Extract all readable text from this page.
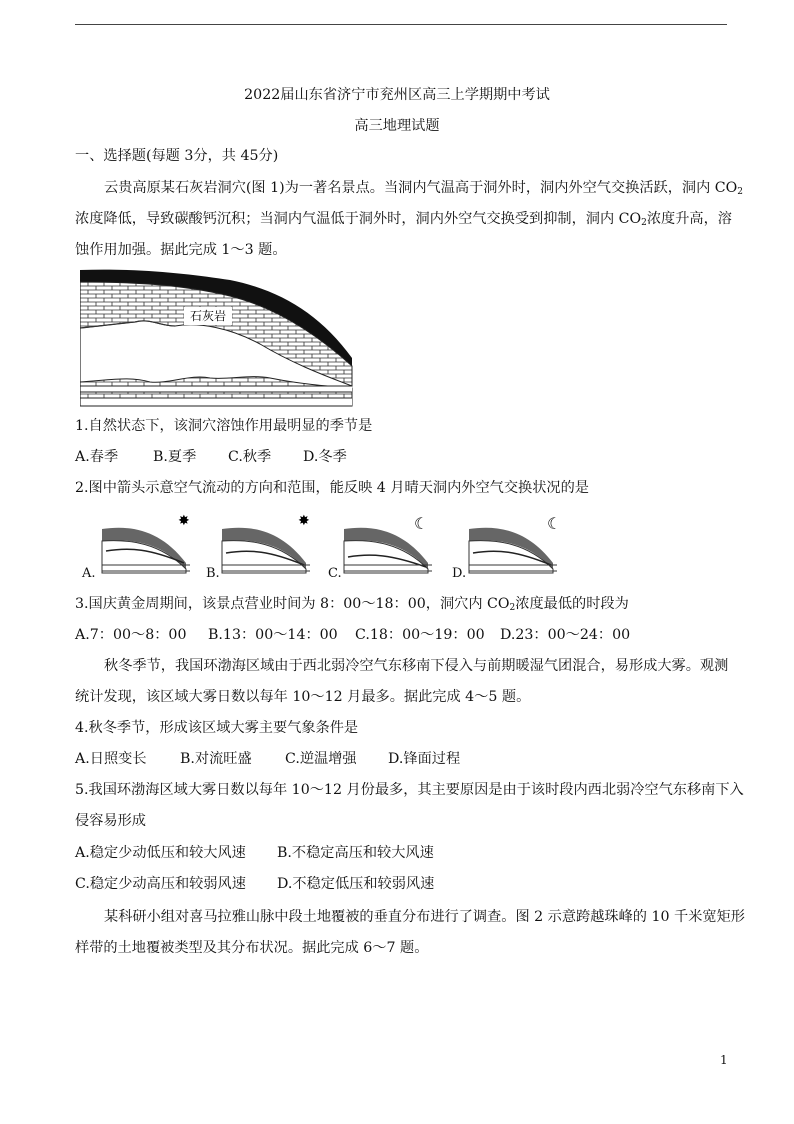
2022届山东省济宁市兖州区高三上学期期中考试
高三地理试题
一、选择题(每题 3分，共 45分)
云贵高原某石灰岩洞穴(图 1)为一著名景点。当洞内气温高于洞外时，洞内外空气交换活跃，洞内 $CO_2$
浓度降低，导致碳酸钙沉积；当洞内气温低于洞外时，洞内外空气交换受到抑制，洞内 $CO_2$浓度升高，溶
蚀作用加强。据此完成 1～3 题。
石灰岩
1.自然状态下，该洞穴溶蚀作用最明显的季节是
A.春季 B.夏季 C.秋季 D.冬季
2.图中箭头示意空气流动的方向和范围，能反映 4 月晴天洞内外空气交换状况的是
✸	✸	☾	☾
A.	B.	C.	D.
3.国庆黄金周期间，该景点营业时间为 8：00～18：00，洞穴内 $CO_2$浓度最低的时段为
A.7：00～8：00 B.13：00～14：00 C.18：00～19：00 D.23：00～24：00
秋冬季节，我国环渤海区域由于西北弱冷空气东移南下侵入与前期暖湿气团混合，易形成大雾。观测
统计发现，该区域大雾日数以每年 10～12 月最多。据此完成 4～5 题。
4.秋冬季节，形成该区域大雾主要气象条件是
A.日照变长 B.对流旺盛 C.逆温增强 D.锋面过程
5.我国环渤海区域大雾日数以每年 10～12 月份最多，其主要原因是由于该时段内西北弱冷空气东移南下入
侵容易形成
A.稳定少动低压和较大风速 B.不稳定高压和较大风速
C.稳定少动高压和较弱风速 D.不稳定低压和较弱风速
某科研小组对喜马拉雅山脉中段土地覆被的垂直分布进行了调查。图 2 示意跨越珠峰的 10 千米宽矩形
样带的土地覆被类型及其分布状况。据此完成 6～7 题。
1
